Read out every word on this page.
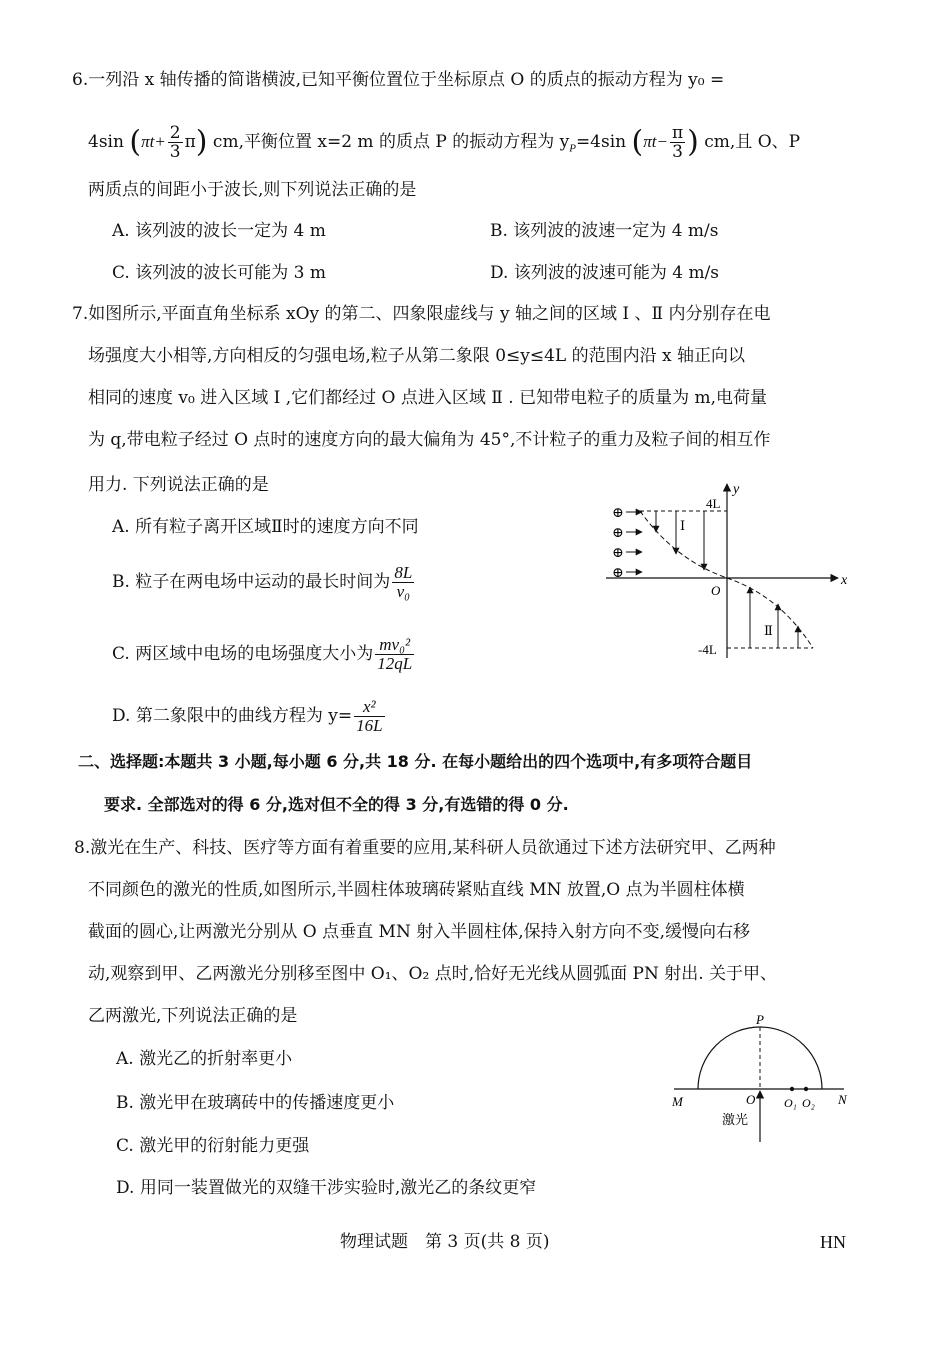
6.一列沿 x 轴传播的简谐横波,已知平衡位置位于坐标原点 O 的质点的振动方程为 y₀ =
4sin $(\pi t+ \frac{2}{3} \pi)$ cm,平衡位置 x=2 m 的质点 P 的振动方程为 $y_P=4\sin$ ($\pi t- \frac{\pi}{3}$ ) cm,且 O、P
两质点的间距小于波长,则下列说法正确的是
A. 该列波的波长一定为 4 m	B. 该列波的波速一定为 4 m/s
C. 该列波的波长可能为 3 m	D. 该列波的波速可能为 4 m/s
7.如图所示,平面直角坐标系 xOy 的第二、四象限虚线与 y 轴之间的区域 Ⅰ 、Ⅱ 内分别存在电
场强度大小相等,方向相反的匀强电场,粒子从第二象限 0≤y≤4L 的范围内沿 x 轴正向以
相同的速度 v₀ 进入区域 Ⅰ ,它们都经过 O 点进入区域 Ⅱ . 已知带电粒子的质量为 m,电荷量
为 q,带电粒子经过 O 点时的速度方向的最大偏角为 45°,不计粒子的重力及粒子间的相互作
用力. 下列说法正确的是
A. 所有粒子离开区域Ⅱ时的速度方向不同
B. 粒子在两电场中运动的最长时间为 $\frac{8L}{\text{v₀}}$
C. 两区域中电场的电场强度大小为 $\frac{\text{mv₀²}}{12qL}$
D. 第二象限中的曲线方程为 $y= \frac{\text{x²}}{16L}$
y
x
O
4L
-4L
Ⅰ
Ⅱ
⊕
⊕
⊕
⊕
二、选择题:本题共 3 小题,每小题 6 分,共 18 分. 在每小题给出的四个选项中,有多项符合题目
要求. 全部选对的得 6 分,选对但不全的得 3 分,有选错的得 0 分.
8.激光在生产、科技、医疗等方面有着重要的应用,某科研人员欲通过下述方法研究甲、乙两种
不同颜色的激光的性质,如图所示,半圆柱体玻璃砖紧贴直线 MN 放置,O 点为半圆柱体横
截面的圆心,让两激光分别从 O 点垂直 MN 射入半圆柱体,保持入射方向不变,缓慢向右移
动,观察到甲、乙两激光分别移至图中 O₁、O₂ 点时,恰好无光线从圆弧面 PN 射出. 关于甲、
乙两激光,下列说法正确的是
A. 激光乙的折射率更小
B. 激光甲在玻璃砖中的传播速度更小
C. 激光甲的衍射能力更强
D. 用同一装置做光的双缝干涉实验时,激光乙的条纹更窄
P
M	N
O O₁ O₂
激光
物理试题　第 3 页(共 8 页)	HN
